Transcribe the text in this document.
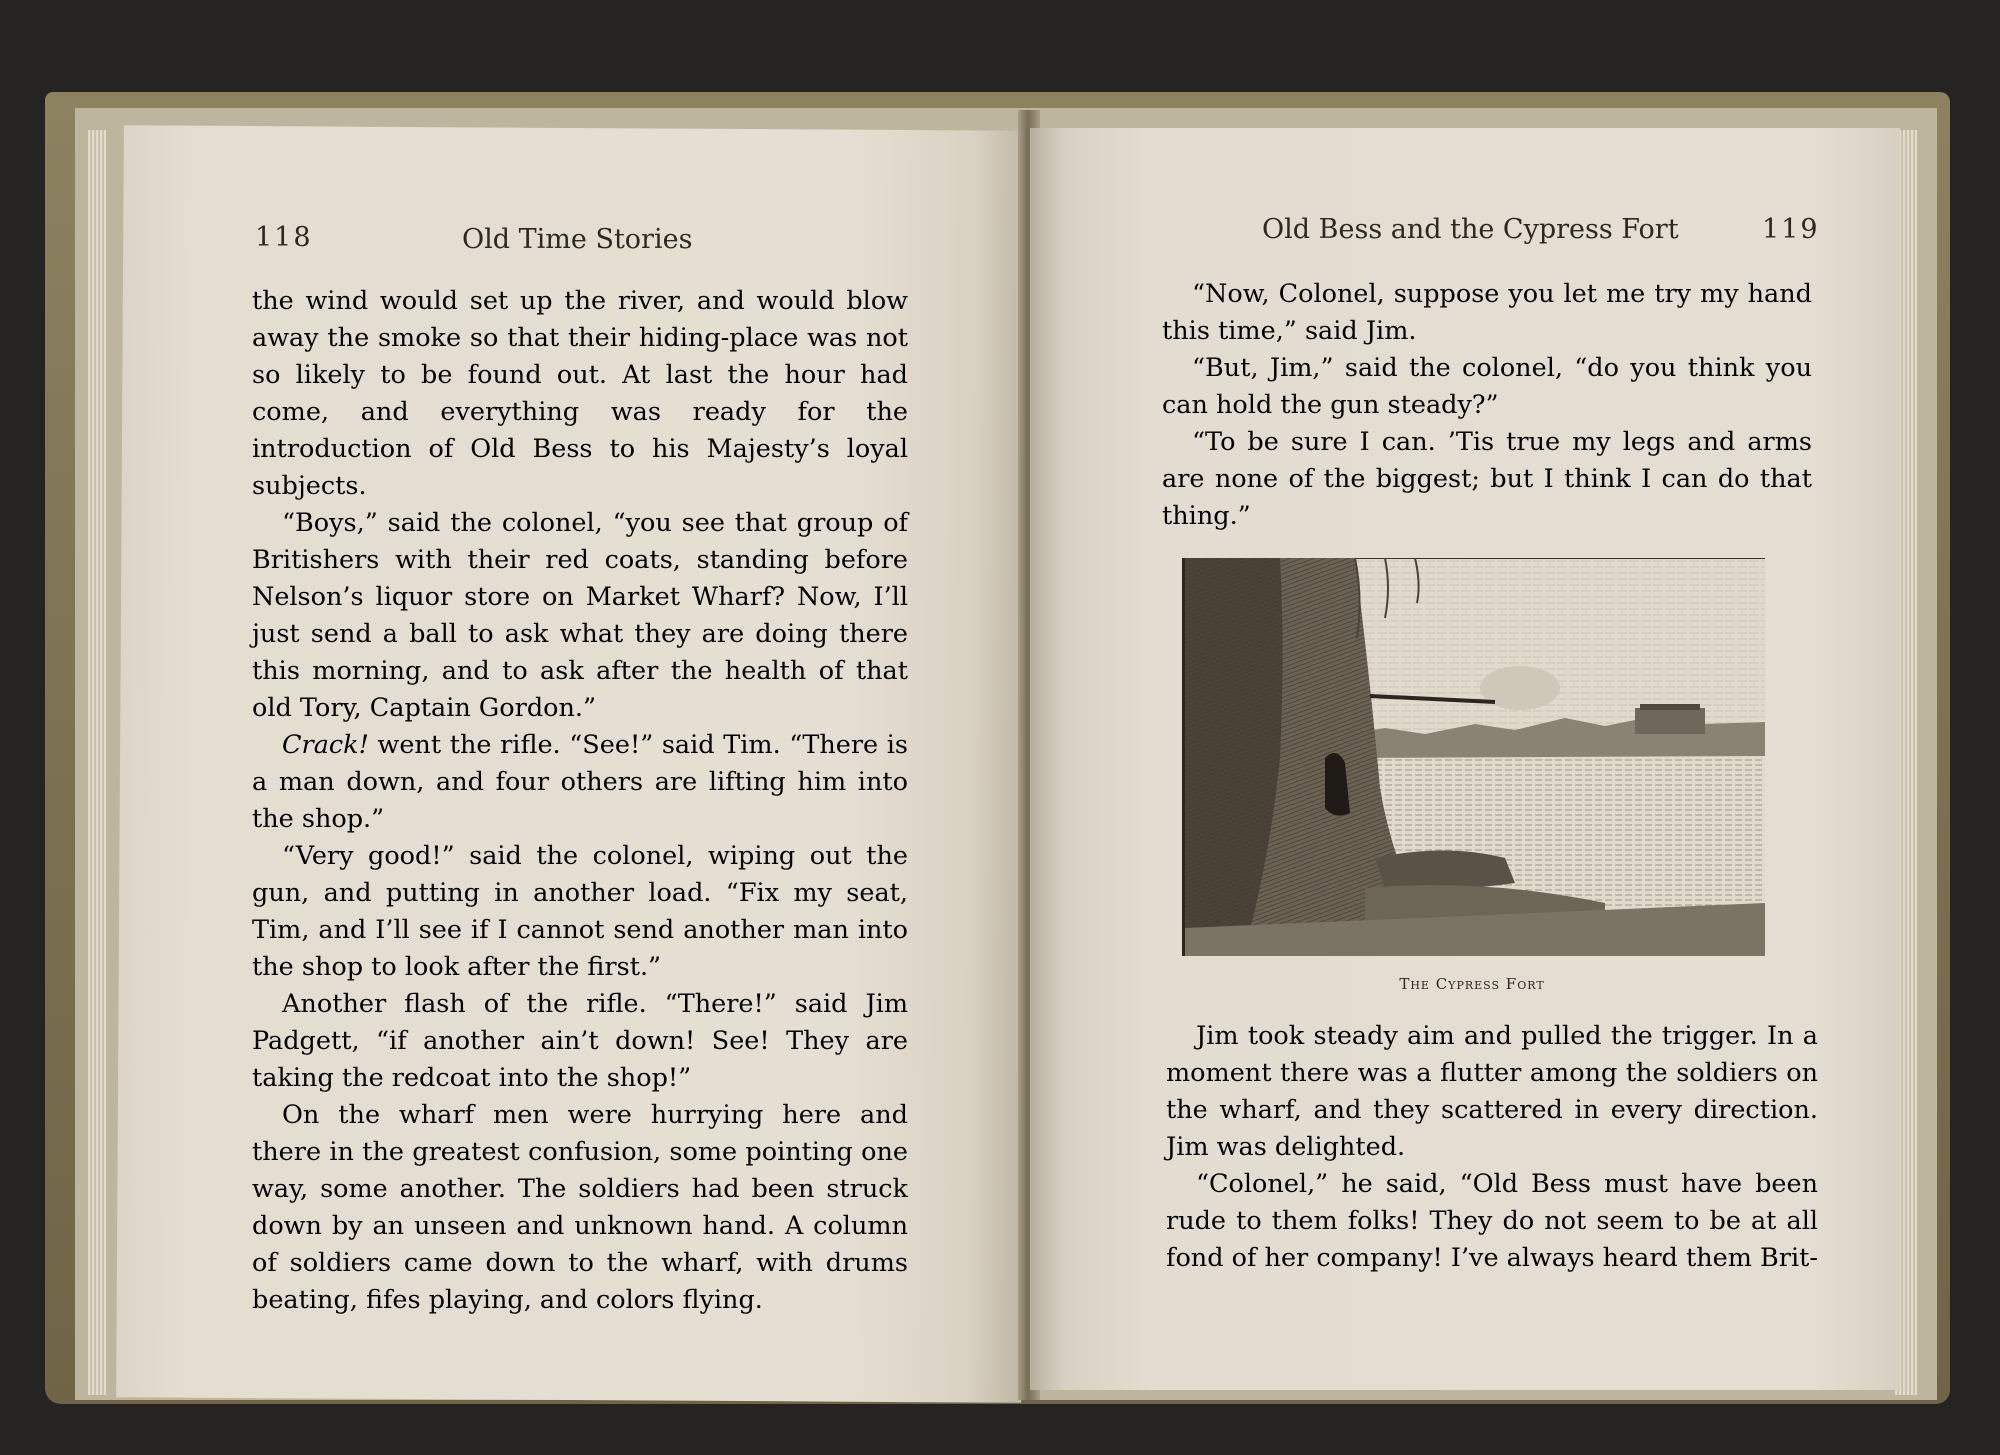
118	Old Time Stories

the wind would set up the river, and would blow away the smoke so that their hiding-place was not so likely to be found out. At last the hour had come, and everything was ready for the introduction of Old Bess to his Majesty’s loyal subjects.

“Boys,” said the colonel, “you see that group of Britishers with their red coats, standing before Nelson’s liquor store on Market Wharf? Now, I’ll just send a ball to ask what they are doing there this morning, and to ask after the health of that old Tory, Captain Gordon.”

Crack! went the rifle. “See!” said Tim. “There is a man down, and four others are lifting him into the shop.”

“Very good!” said the colonel, wiping out the gun, and putting in another load. “Fix my seat, Tim, and I’ll see if I cannot send another man into the shop to look after the first.”

Another flash of the rifle. “There!” said Jim Padgett, “if another ain’t down! See! They are taking the redcoat into the shop!”

On the wharf men were hurrying here and there in the greatest confusion, some pointing one way, some another. The soldiers had been struck down by an unseen and unknown hand. A column of soldiers came down to the wharf, with drums beating, fifes playing, and colors flying.

Old Bess and the Cypress Fort	119

“Now, Colonel, suppose you let me try my hand this time,” said Jim.

“But, Jim,” said the colonel, “do you think you can hold the gun steady?”

“To be sure I can. ’Tis true my legs and arms are none of the biggest; but I think I can do that thing.”

The Cypress Fort

Jim took steady aim and pulled the trigger. In a moment there was a flutter among the soldiers on the wharf, and they scattered in every direction. Jim was delighted.

“Colonel,” he said, “Old Bess must have been rude to them folks! They do not seem to be at all fond of her company! I’ve always heard them Brit-
